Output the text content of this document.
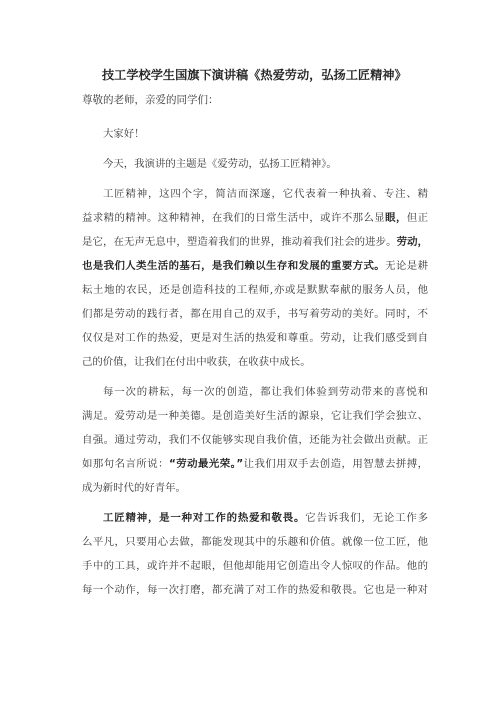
技工学校学生国旗下演讲稿《热爱劳动，弘扬工匠精神》
尊敬的老师，亲爱的同学们：
大家好！
今天，我演讲的主题是《爱劳动，弘扬工匠精神》。
工匠精神，这四个字，简洁而深邃，它代表着一种执着、专注、精
益求精的精神。这种精神，在我们的日常生活中，或许不那么显眼，但正
是它，在无声无息中，塑造着我们的世界，推动着我们社会的进步。劳动，
也是我们人类生活的基石，是我们赖以生存和发展的重要方式。无论是耕
耘土地的农民，还是创造科技的工程师,亦或是默默奉献的服务人员，他
们都是劳动的践行者，都在用自己的双手，书写着劳动的美好。同时，不
仅仅是对工作的热爱，更是对生活的热爱和尊重。劳动，让我们感受到自
己的价值，让我们在付出中收获，在收获中成长。
每一次的耕耘，每一次的创造，都让我们体验到劳动带来的喜悦和
满足。爱劳动是一种美德。是创造美好生活的源泉，它让我们学会独立、
自强。通过劳动，我们不仅能够实现自我价值，还能为社会做出贡献。正
如那句名言所说：“劳动最光荣。”让我们用双手去创造，用智慧去拼搏，
成为新时代的好青年。
工匠精神，是一种对工作的热爱和敬畏。它告诉我们，无论工作多
么平凡，只要用心去做，都能发现其中的乐趣和价值。就像一位工匠，他
手中的工具，或许并不起眼，但他却能用它创造出令人惊叹的作品。他的
每一个动作，每一次打磨，都充满了对工作的热爱和敬畏。它也是一种对
